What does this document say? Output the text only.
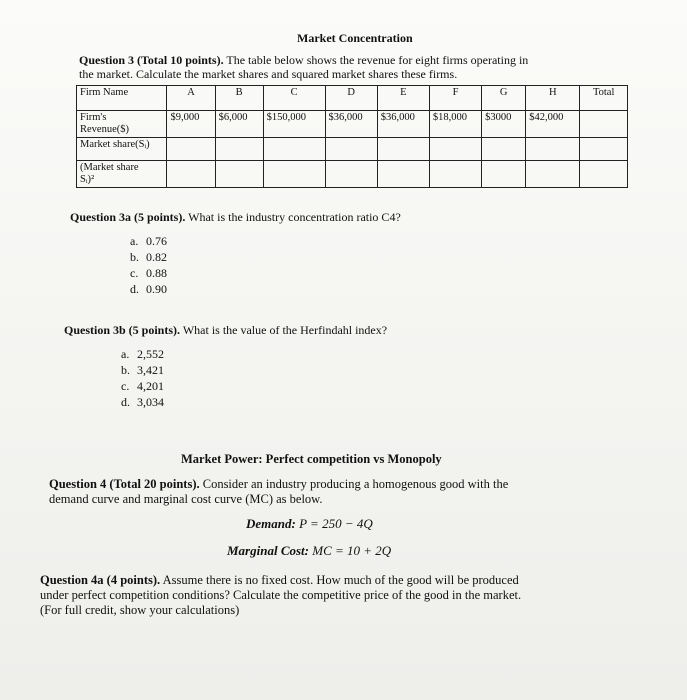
Market Concentration
Question 3 (Total 10 points). The table below shows the revenue for eight firms operating in
the market. Calculate the market shares and squared market shares these firms.
Firm Name	A	B	C	D	E	F	G	H	Total

Firm's
Revenue($)	$9,000	$6,000	$150,000	$36,000	$36,000	$18,000	$3000	$42,000	
Market share(Sᵢ)									

(Market share
Sᵢ)²									

Question 3a (5 points). What is the industry concentration ratio C4?
a. 0.76
b. 0.82
c. 0.88
d. 0.90
Question 3b (5 points). What is the value of the Herfindahl index?
a. 2,552
b. 3,421
c. 4,201
d. 3,034
Market Power: Perfect competition vs Monopoly
Question 4 (Total 20 points). Consider an industry producing a homogenous good with the
demand curve and marginal cost curve (MC) as below.
Demand: P = 250 − 4Q
Marginal Cost: MC = 10 + 2Q
Question 4a (4 points). Assume there is no fixed cost. How much of the good will be produced
under perfect competition conditions? Calculate the competitive price of the good in the market.
(For full credit, show your calculations)
